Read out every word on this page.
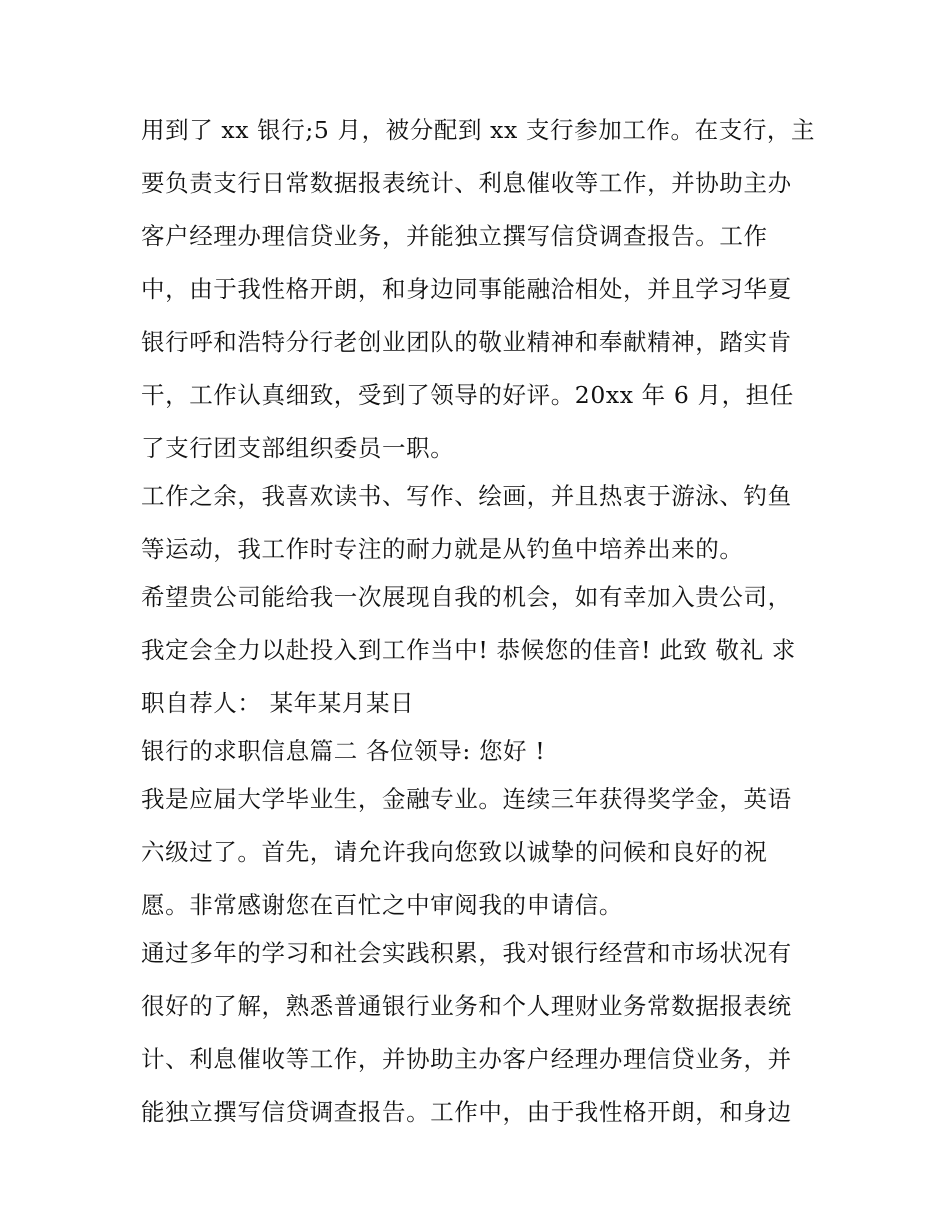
用到了 xx 银行;5 月，被分配到 xx 支行参加工作。在支行，主
要负责支行日常数据报表统计、利息催收等工作，并协助主办
客户经理办理信贷业务，并能独立撰写信贷调查报告。工作
中，由于我性格开朗，和身边同事能融洽相处，并且学习华夏
银行呼和浩特分行老创业团队的敬业精神和奉献精神，踏实肯
干，工作认真细致，受到了领导的好评。20xx 年 6 月，担任
了支行团支部组织委员一职。
工作之余，我喜欢读书、写作、绘画，并且热衷于游泳、钓鱼
等运动，我工作时专注的耐力就是从钓鱼中培养出来的。
希望贵公司能给我一次展现自我的机会，如有幸加入贵公司，
我定会全力以赴投入到工作当中! 恭候您的佳音! 此致 敬礼 求
职自荐人： 某年某月某日
银行的求职信息篇二 各位领导: 您好 !
我是应届大学毕业生，金融专业。连续三年获得奖学金，英语
六级过了。首先，请允许我向您致以诚挚的问候和良好的祝
愿。非常感谢您在百忙之中审阅我的申请信。
通过多年的学习和社会实践积累，我对银行经营和市场状况有
很好的了解，熟悉普通银行业务和个人理财业务常数据报表统
计、利息催收等工作，并协助主办客户经理办理信贷业务，并
能独立撰写信贷调查报告。工作中，由于我性格开朗，和身边
